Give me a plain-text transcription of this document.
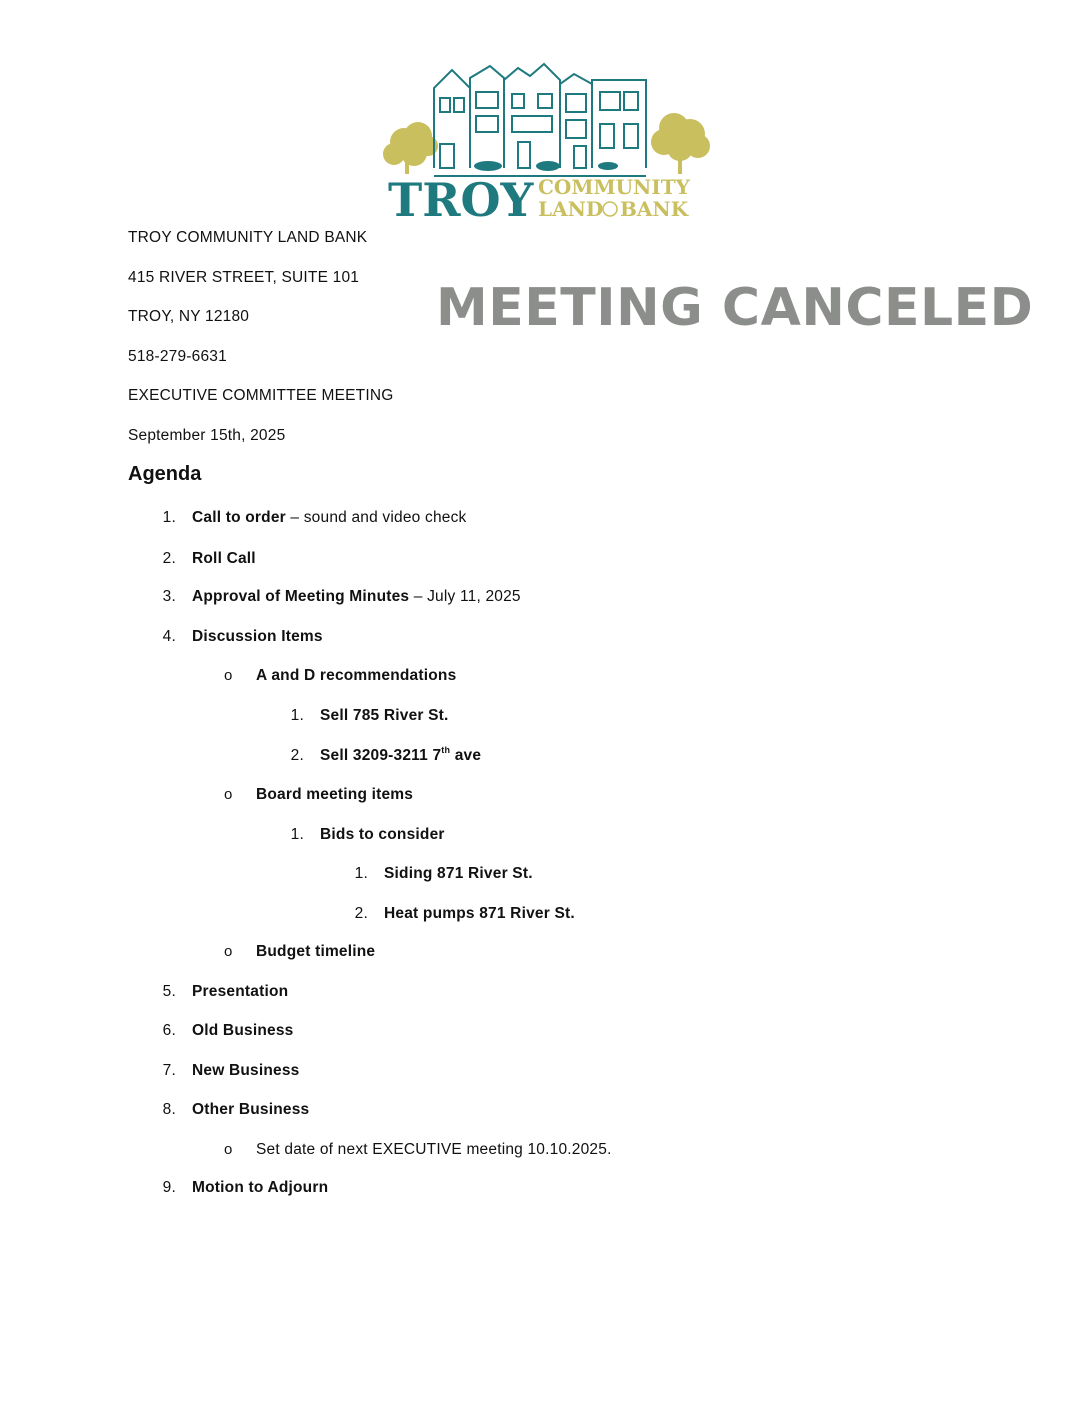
TROY COMMUNITY
LAND BANK
TROY COMMUNITY LAND BANK
415 RIVER STREET, SUITE 101
TROY, NY 12180
518-279-6631
EXECUTIVE COMMITTEE MEETING
September 15th, 2025
MEETING CANCELED
Agenda
1. Call to order – sound and video check
2. Roll Call
3. Approval of Meeting Minutes – July 11, 2025
4. Discussion Items
o A and D recommendations
1. Sell 785 River St.
2. Sell 3209-3211 7th ave
o Board meeting items
1. Bids to consider
1. Siding 871 River St.
2. Heat pumps 871 River St.
o Budget timeline
5. Presentation
6. Old Business
7. New Business
8. Other Business
o Set date of next EXECUTIVE meeting 10.10.2025.
9. Motion to Adjourn
